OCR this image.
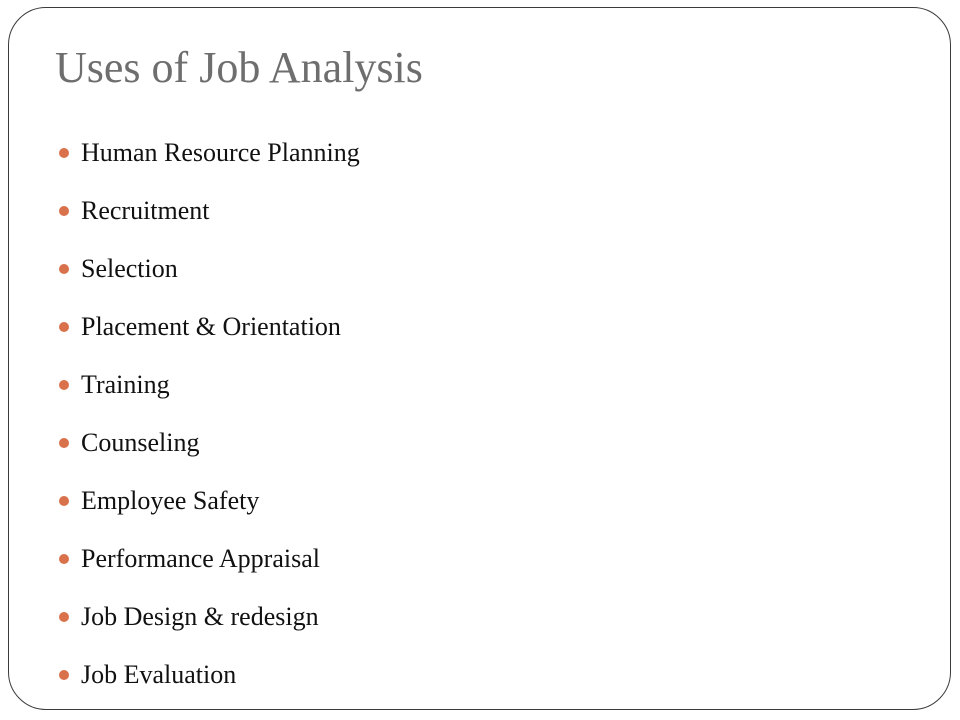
Uses of Job Analysis
Human Resource Planning
Recruitment
Selection
Placement & Orientation
Training
Counseling
Employee Safety
Performance Appraisal
Job Design & redesign
Job Evaluation
